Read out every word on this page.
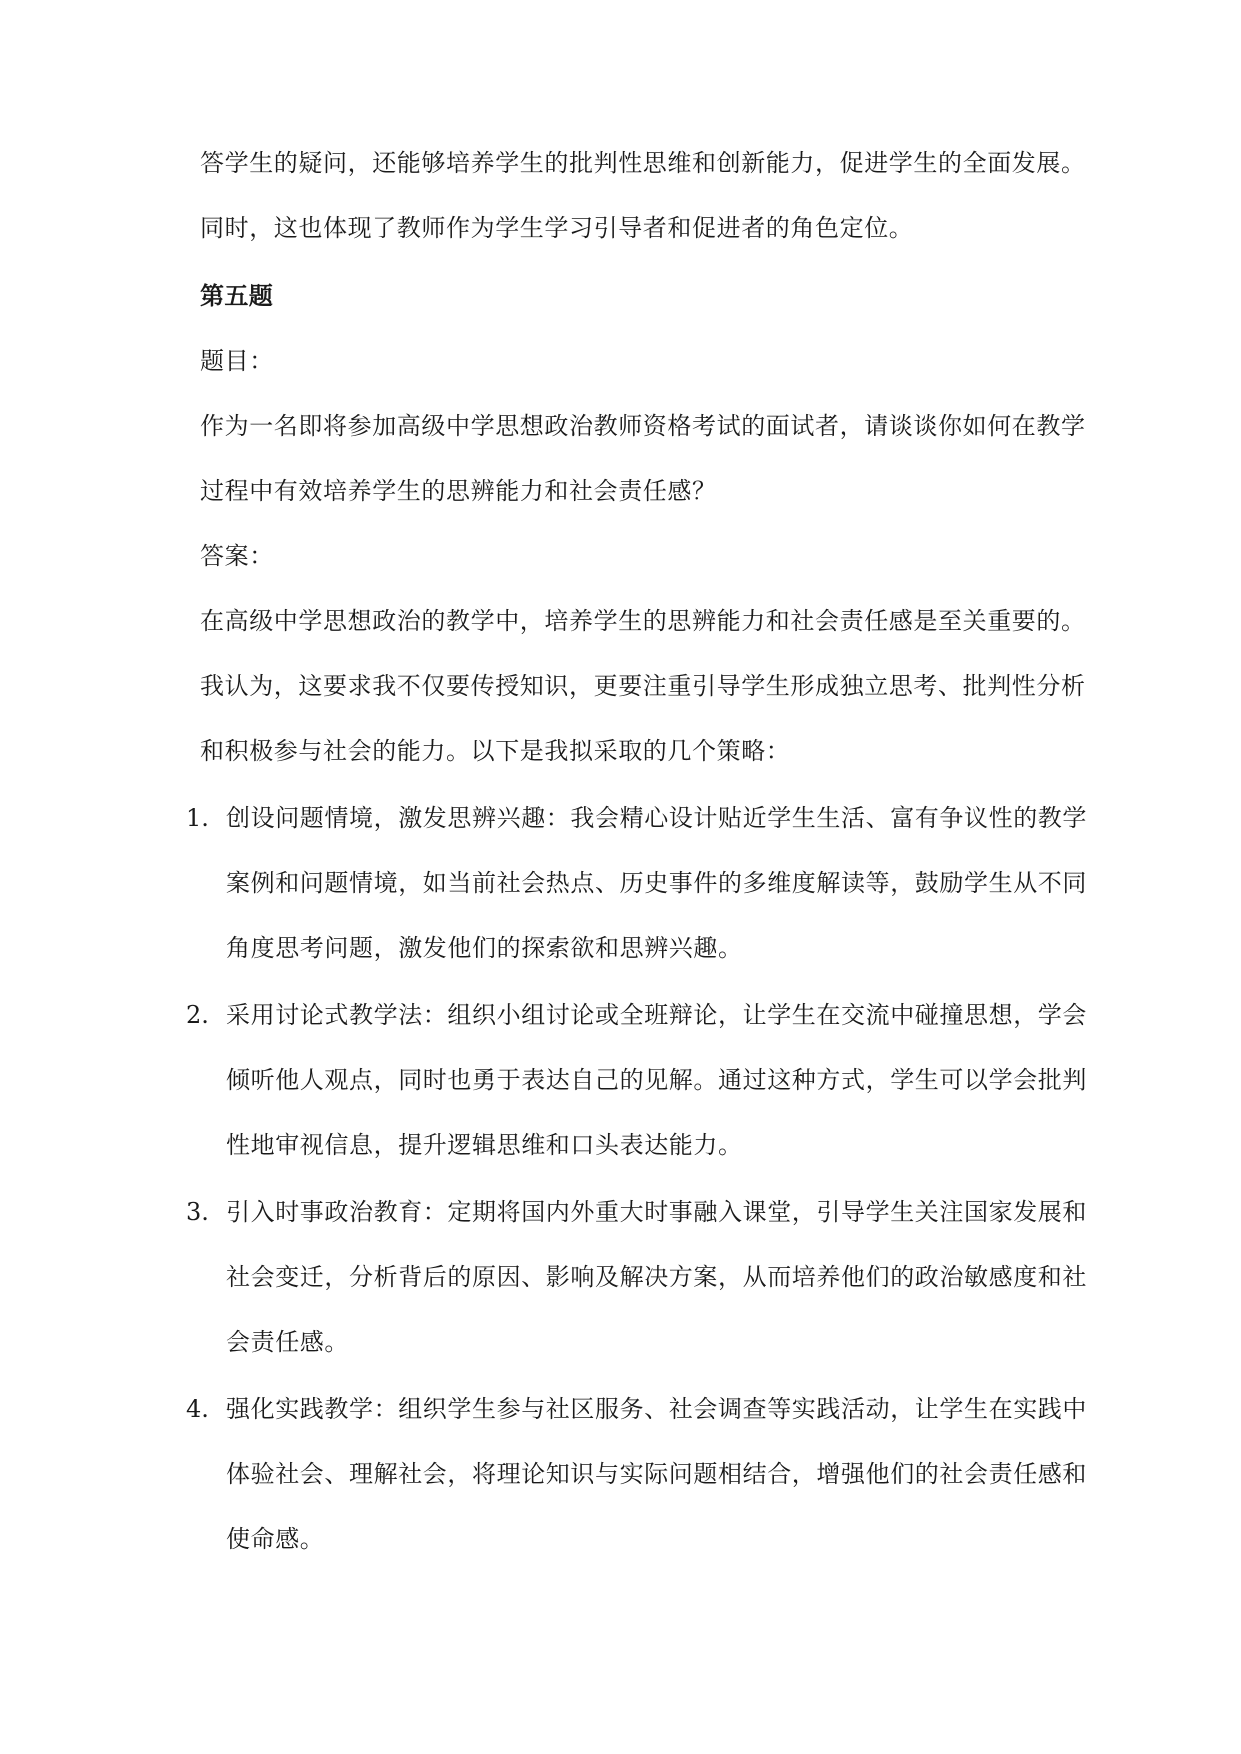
答学生的疑问，还能够培养学生的批判性思维和创新能力，促进学生的全面发展。
同时，这也体现了教师作为学生学习引导者和促进者的角色定位。
第五题
题目：
作为一名即将参加高级中学思想政治教师资格考试的面试者，请谈谈你如何在教学
过程中有效培养学生的思辨能力和社会责任感？
答案：
在高级中学思想政治的教学中，培养学生的思辨能力和社会责任感是至关重要的。
我认为，这要求我不仅要传授知识，更要注重引导学生形成独立思考、批判性分析
和积极参与社会的能力。以下是我拟采取的几个策略：
1. 创设问题情境，激发思辨兴趣：我会精心设计贴近学生生活、富有争议性的教学
案例和问题情境，如当前社会热点、历史事件的多维度解读等，鼓励学生从不同
角度思考问题，激发他们的探索欲和思辨兴趣。
2. 采用讨论式教学法：组织小组讨论或全班辩论，让学生在交流中碰撞思想，学会
倾听他人观点，同时也勇于表达自己的见解。通过这种方式，学生可以学会批判
性地审视信息，提升逻辑思维和口头表达能力。
3. 引入时事政治教育：定期将国内外重大时事融入课堂，引导学生关注国家发展和
社会变迁，分析背后的原因、影响及解决方案，从而培养他们的政治敏感度和社
会责任感。
4. 强化实践教学：组织学生参与社区服务、社会调查等实践活动，让学生在实践中
体验社会、理解社会，将理论知识与实际问题相结合，增强他们的社会责任感和
使命感。
